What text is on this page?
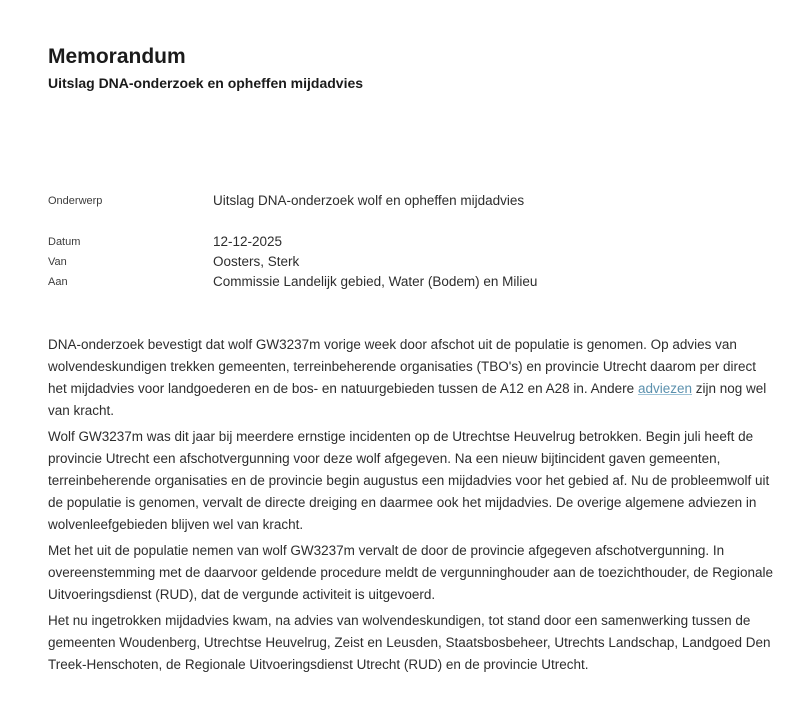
Memorandum
Uitslag DNA-onderzoek en opheffen mijdadvies
Onderwerp	Uitslag DNA-onderzoek wolf en opheffen mijdadvies
Datum	12-12-2025
Van	Oosters, Sterk
Aan	Commissie Landelijk gebied, Water (Bodem) en Milieu

DNA-onderzoek bevestigt dat wolf GW3237m vorige week door afschot uit de populatie is genomen. Op advies van wolvendeskundigen trekken gemeenten, terreinbeherende organisaties (TBO's) en provincie Utrecht daarom per direct het mijdadvies voor landgoederen en de bos- en natuurgebieden tussen de A12 en A28 in. Andere adviezen zijn nog wel van kracht.

Wolf GW3237m was dit jaar bij meerdere ernstige incidenten op de Utrechtse Heuvelrug betrokken. Begin juli heeft de provincie Utrecht een afschotvergunning voor deze wolf afgegeven. Na een nieuw bijtincident gaven gemeenten, terreinbeherende organisaties en de provincie begin augustus een mijdadvies voor het gebied af. Nu de probleemwolf uit de populatie is genomen, vervalt de directe dreiging en daarmee ook het mijdadvies. De overige algemene adviezen in wolvenleefgebieden blijven wel van kracht.

Met het uit de populatie nemen van wolf GW3237m vervalt de door de provincie afgegeven afschotvergunning. In overeenstemming met de daarvoor geldende procedure meldt de vergunninghouder aan de toezichthouder, de Regionale Uitvoeringsdienst (RUD), dat de vergunde activiteit is uitgevoerd.

Het nu ingetrokken mijdadvies kwam, na advies van wolvendeskundigen, tot stand door een samenwerking tussen de gemeenten Woudenberg, Utrechtse Heuvelrug, Zeist en Leusden, Staatsbosbeheer, Utrechts Landschap, Landgoed Den Treek-Henschoten, de Regionale Uitvoeringsdienst Utrecht (RUD) en de provincie Utrecht.
